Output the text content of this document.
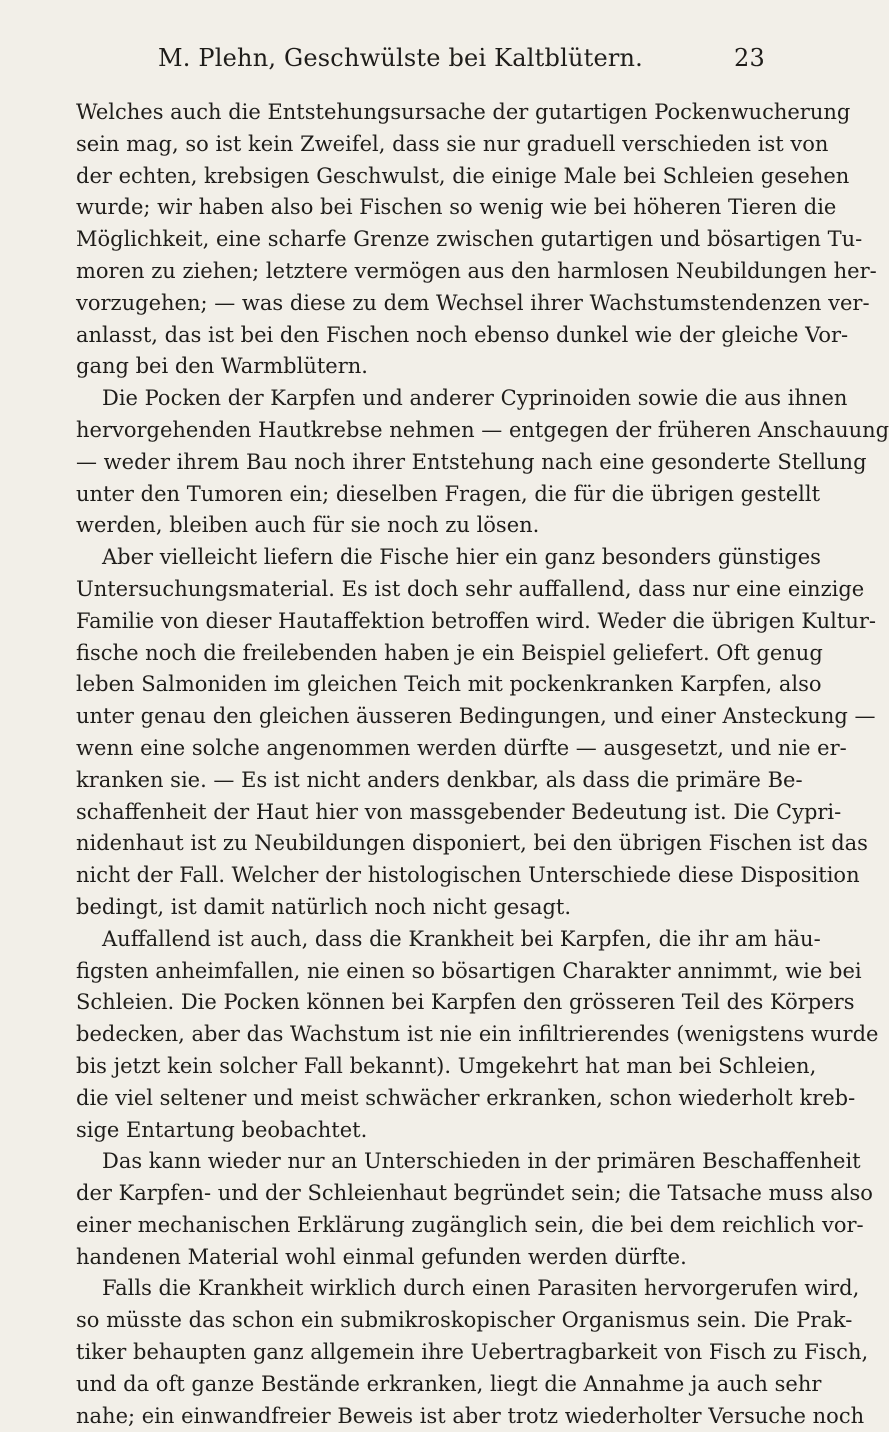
M. Plehn, Geschwülste bei Kaltblütern.	23
Welches auch die Entstehungsursache der gutartigen Pockenwucherung
sein mag, so ist kein Zweifel, dass sie nur graduell verschieden ist von
der echten, krebsigen Geschwulst, die einige Male bei Schleien gesehen
wurde; wir haben also bei Fischen so wenig wie bei höheren Tieren die
Möglichkeit, eine scharfe Grenze zwischen gutartigen und bösartigen Tu-
moren zu ziehen; letztere vermögen aus den harmlosen Neubildungen her-
vorzugehen; — was diese zu dem Wechsel ihrer Wachstumstendenzen ver-
anlasst, das ist bei den Fischen noch ebenso dunkel wie der gleiche Vor-
gang bei den Warmblütern.
Die Pocken der Karpfen und anderer Cyprinoiden sowie die aus ihnen
hervorgehenden Hautkrebse nehmen — entgegen der früheren Anschauung
— weder ihrem Bau noch ihrer Entstehung nach eine gesonderte Stellung
unter den Tumoren ein; dieselben Fragen, die für die übrigen gestellt
werden, bleiben auch für sie noch zu lösen.
Aber vielleicht liefern die Fische hier ein ganz besonders günstiges
Untersuchungsmaterial. Es ist doch sehr auffallend, dass nur eine einzige
Familie von dieser Hautaffektion betroffen wird. Weder die übrigen Kultur-
fische noch die freilebenden haben je ein Beispiel geliefert. Oft genug
leben Salmoniden im gleichen Teich mit pockenkranken Karpfen, also
unter genau den gleichen äusseren Bedingungen, und einer Ansteckung —
wenn eine solche angenommen werden dürfte — ausgesetzt, und nie er-
kranken sie. — Es ist nicht anders denkbar, als dass die primäre Be-
schaffenheit der Haut hier von massgebender Bedeutung ist. Die Cypri-
nidenhaut ist zu Neubildungen disponiert, bei den übrigen Fischen ist das
nicht der Fall. Welcher der histologischen Unterschiede diese Disposition
bedingt, ist damit natürlich noch nicht gesagt.
Auffallend ist auch, dass die Krankheit bei Karpfen, die ihr am häu-
figsten anheimfallen, nie einen so bösartigen Charakter annimmt, wie bei
Schleien. Die Pocken können bei Karpfen den grösseren Teil des Körpers
bedecken, aber das Wachstum ist nie ein infiltrierendes (wenigstens wurde
bis jetzt kein solcher Fall bekannt). Umgekehrt hat man bei Schleien,
die viel seltener und meist schwächer erkranken, schon wiederholt kreb-
sige Entartung beobachtet.
Das kann wieder nur an Unterschieden in der primären Beschaffenheit
der Karpfen- und der Schleienhaut begründet sein; die Tatsache muss also
einer mechanischen Erklärung zugänglich sein, die bei dem reichlich vor-
handenen Material wohl einmal gefunden werden dürfte.
Falls die Krankheit wirklich durch einen Parasiten hervorgerufen wird,
so müsste das schon ein submikroskopischer Organismus sein. Die Prak-
tiker behaupten ganz allgemein ihre Uebertragbarkeit von Fisch zu Fisch,
und da oft ganze Bestände erkranken, liegt die Annahme ja auch sehr
nahe; ein einwandfreier Beweis ist aber trotz wiederholter Versuche noch
